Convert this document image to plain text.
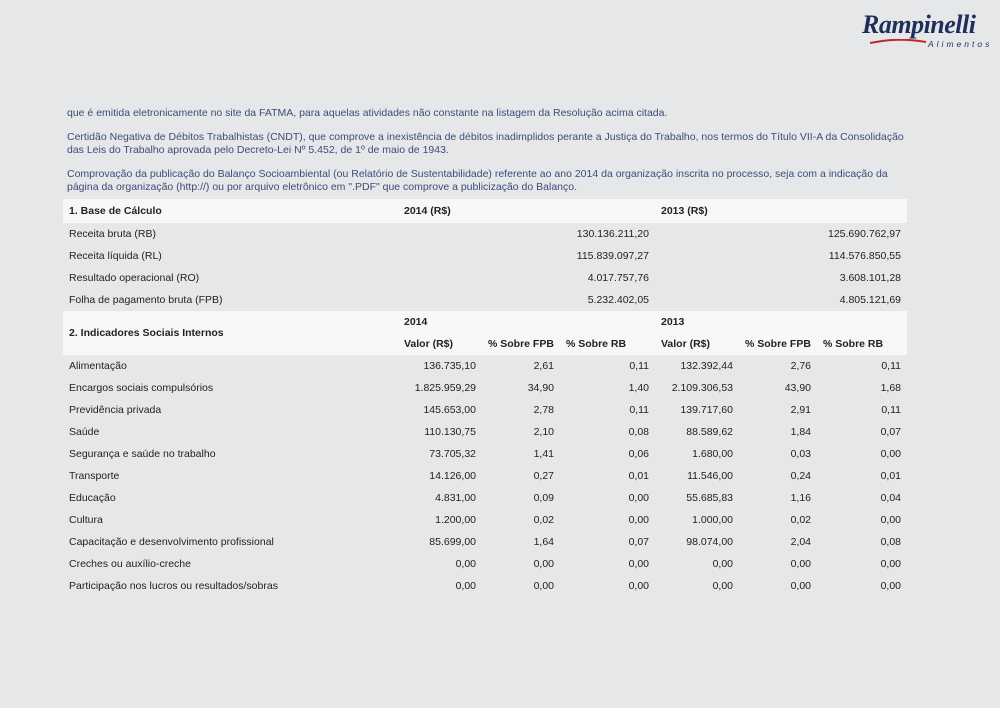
Rampinelli
Alimentos
que é emitida eletronicamente no site da FATMA, para aquelas atividades não constante na listagem da Resolução acima citada.
Certidão Negativa de Débitos Trabalhistas (CNDT), que comprove a inexistência de débitos inadimplidos perante a Justiça do Trabalho, nos termos do Título VII-A da Consolidação das Leis do Trabalho aprovada pelo Decreto-Lei Nº 5.452, de 1º de maio de 1943.
Comprovação da publicação do Balanço Socioambiental (ou Relatório de Sustentabilidade) referente ao ano 2014 da organização inscrita no processo, seja com a indicação da página da organização (http://) ou por arquivo eletrônico em ".PDF" que comprove a publicização do Balanço.
1. Base de Cálculo	2014 (R$)			2013 (R$)		
Receita bruta (RB)	130.136.211,20			125.690.762,97		
Receita líquida (RL)	115.839.097,27			114.576.850,55		
Resultado operacional (RO)	4.017.757,76			3.608.101,28		
Folha de pagamento bruta (FPB)	5.232.402,05			4.805.121,69		
2. Indicadores Sociais Internos	2014			2013		
	Valor (R$)	% Sobre FPB	% Sobre RB	Valor (R$)	% Sobre FPB	% Sobre RB
Alimentação	136.735,10	2,61	0,11	132.392,44	2,76	0,11
Encargos sociais compulsórios	1.825.959,29	34,90	1,40	2.109.306,53	43,90	1,68
Previdência privada	145.653,00	2,78	0,11	139.717,60	2,91	0,11
Saúde	110.130,75	2,10	0,08	88.589,62	1,84	0,07
Segurança e saúde no trabalho	73.705,32	1,41	0,06	1.680,00	0,03	0,00
Transporte	14.126,00	0,27	0,01	11.546,00	0,24	0,01
Educação	4.831,00	0,09	0,00	55.685,83	1,16	0,04
Cultura	1.200,00	0,02	0,00	1.000,00	0,02	0,00
Capacitação e desenvolvimento profissional	85.699,00	1,64	0,07	98.074,00	2,04	0,08
Creches ou auxílio-creche	0,00	0,00	0,00	0,00	0,00	0,00
Participação nos lucros ou resultados/sobras	0,00	0,00	0,00	0,00	0,00	0,00
